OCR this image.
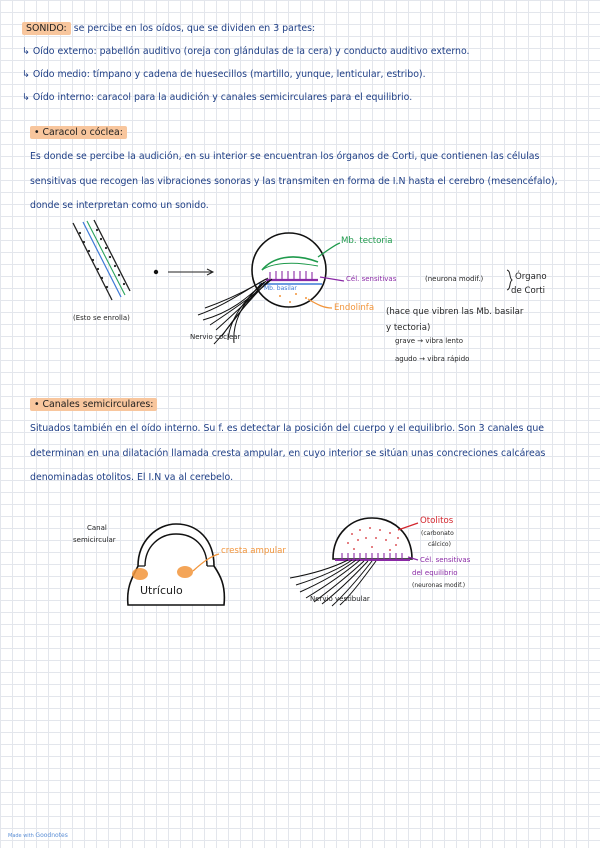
SONIDO: se percibe en los oídos, que se dividen en 3 partes:
↳ Oído externo: pabellón auditivo (oreja con glándulas de la cera) y conducto auditivo externo.
↳ Oído medio: tímpano y cadena de huesecillos (martillo, yunque, lenticular, estribo).
↳ Oído interno: caracol para la audición y canales semicirculares para el equilibrio.
• Caracol o cóclea:
Es donde se percibe la audición, en su interior se encuentran los órganos de Corti, que contienen las células sensitivas que recogen las vibraciones sonoras y las transmiten en forma de I.N hasta el cerebro (mesencéfalo), donde se interpretan como un sonido.
(Esto se enrolla)
Mb. tectoria
Cél. sensitivas	(neurona modif.)	Órgano
de Corti
Mb. basilar
Endolinfa (hace que vibren las Mb. basilar y tectoria)
grave → vibra lento
agudo → vibra rápido
Nervio coclear
• Canales semicirculares:
Situados también en el oído interno. Su f. es detectar la posición del cuerpo y el equilibrio. Son 3 canales que determinan en una dilatación llamada cresta ampular, en cuyo interior se sitúan unas concreciones calcáreas denominadas otolitos. El I.N va al cerebelo.
Canal
semicircular
Utrículo
cresta ampular
Otolitos
(carbonato
cálcico)
Cél. sensitivas
del equilibrio
(neuronas modif.)
Nervio vestibular
Made with Goodnotes
